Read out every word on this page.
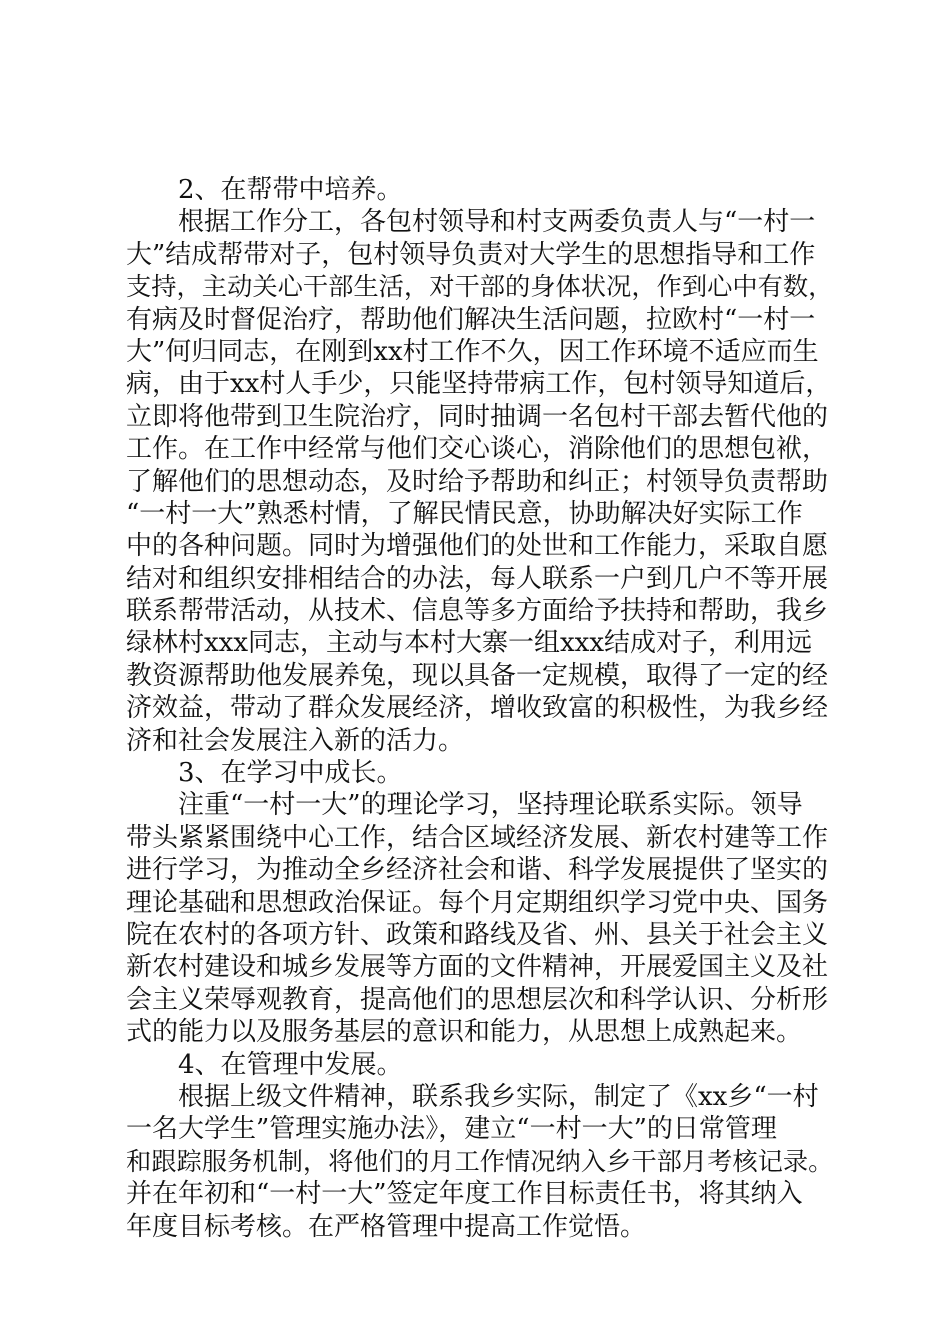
2、在帮带中培养。
根据工作分工，各包村领导和村支两委负责人与“一村一
大”结成帮带对子，包村领导负责对大学生的思想指导和工作
支持，主动关心干部生活，对干部的身体状况，作到心中有数，
有病及时督促治疗，帮助他们解决生活问题，拉欧村“一村一
大”何归同志，在刚到xx村工作不久，因工作环境不适应而生
病，由于xx村人手少，只能坚持带病工作，包村领导知道后，
立即将他带到卫生院治疗，同时抽调一名包村干部去暂代他的
工作。在工作中经常与他们交心谈心，消除他们的思想包袱，
了解他们的思想动态，及时给予帮助和纠正；村领导负责帮助
“一村一大”熟悉村情，了解民情民意，协助解决好实际工作
中的各种问题。同时为增强他们的处世和工作能力，采取自愿
结对和组织安排相结合的办法，每人联系一户到几户不等开展
联系帮带活动，从技术、信息等多方面给予扶持和帮助，我乡
绿林村xxx同志，主动与本村大寨一组xxx结成对子，利用远
教资源帮助他发展养兔，现以具备一定规模，取得了一定的经
济效益，带动了群众发展经济，增收致富的积极性，为我乡经
济和社会发展注入新的活力。
3、在学习中成长。
注重“一村一大”的理论学习，坚持理论联系实际。领导
带头紧紧围绕中心工作，结合区域经济发展、新农村建等工作
进行学习，为推动全乡经济社会和谐、科学发展提供了坚实的
理论基础和思想政治保证。每个月定期组织学习党中央、国务
院在农村的各项方针、政策和路线及省、州、县关于社会主义
新农村建设和城乡发展等方面的文件精神，开展爱国主义及社
会主义荣辱观教育，提高他们的思想层次和科学认识、分析形
式的能力以及服务基层的意识和能力，从思想上成熟起来。
4、在管理中发展。
根据上级文件精神，联系我乡实际，制定了《xx乡“一村
一名大学生”管理实施办法》，建立“一村一大”的日常管理
和跟踪服务机制，将他们的月工作情况纳入乡干部月考核记录。
并在年初和“一村一大”签定年度工作目标责任书，将其纳入
年度目标考核。在严格管理中提高工作觉悟。
